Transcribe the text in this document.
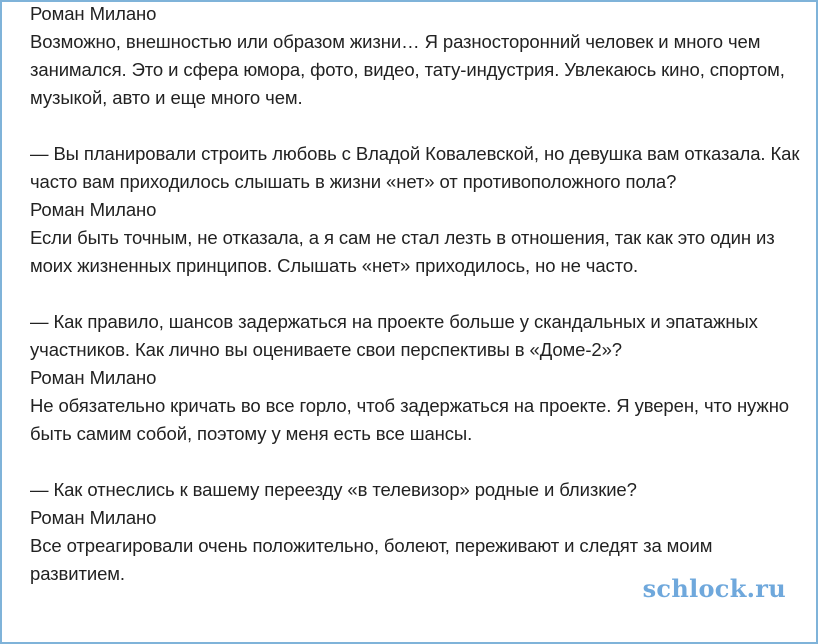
Роман Милано

Возможно, внешностью или образом жизни… Я разносторонний человек и много чем занимался. Это и сфера юмора, фото, видео, тату-индустрия. Увлекаюсь кино, спортом, музыкой, авто и еще много чем.

— Вы планировали строить любовь с Владой Ковалевской, но девушка вам отказала. Как часто вам приходилось слышать в жизни «нет» от противоположного пола?

Роман Милано

Если быть точным, не отказала, а я сам не стал лезть в отношения, так как это один из моих жизненных принципов. Слышать «нет» приходилось, но не часто.

— Как правило, шансов задержаться на проекте больше у скандальных и эпатажных участников. Как лично вы оцениваете свои перспективы в «Доме-2»?

Роман Милано

Не обязательно кричать во все горло, чтоб задержаться на проекте. Я уверен, что нужно быть самим собой, поэтому у меня есть все шансы.

— Как отнеслись к вашему переезду «в телевизор» родные и близкие?

Роман Милано

Все отреагировали очень положительно, болеют, переживают и следят за моим развитием.

schlock.ru
